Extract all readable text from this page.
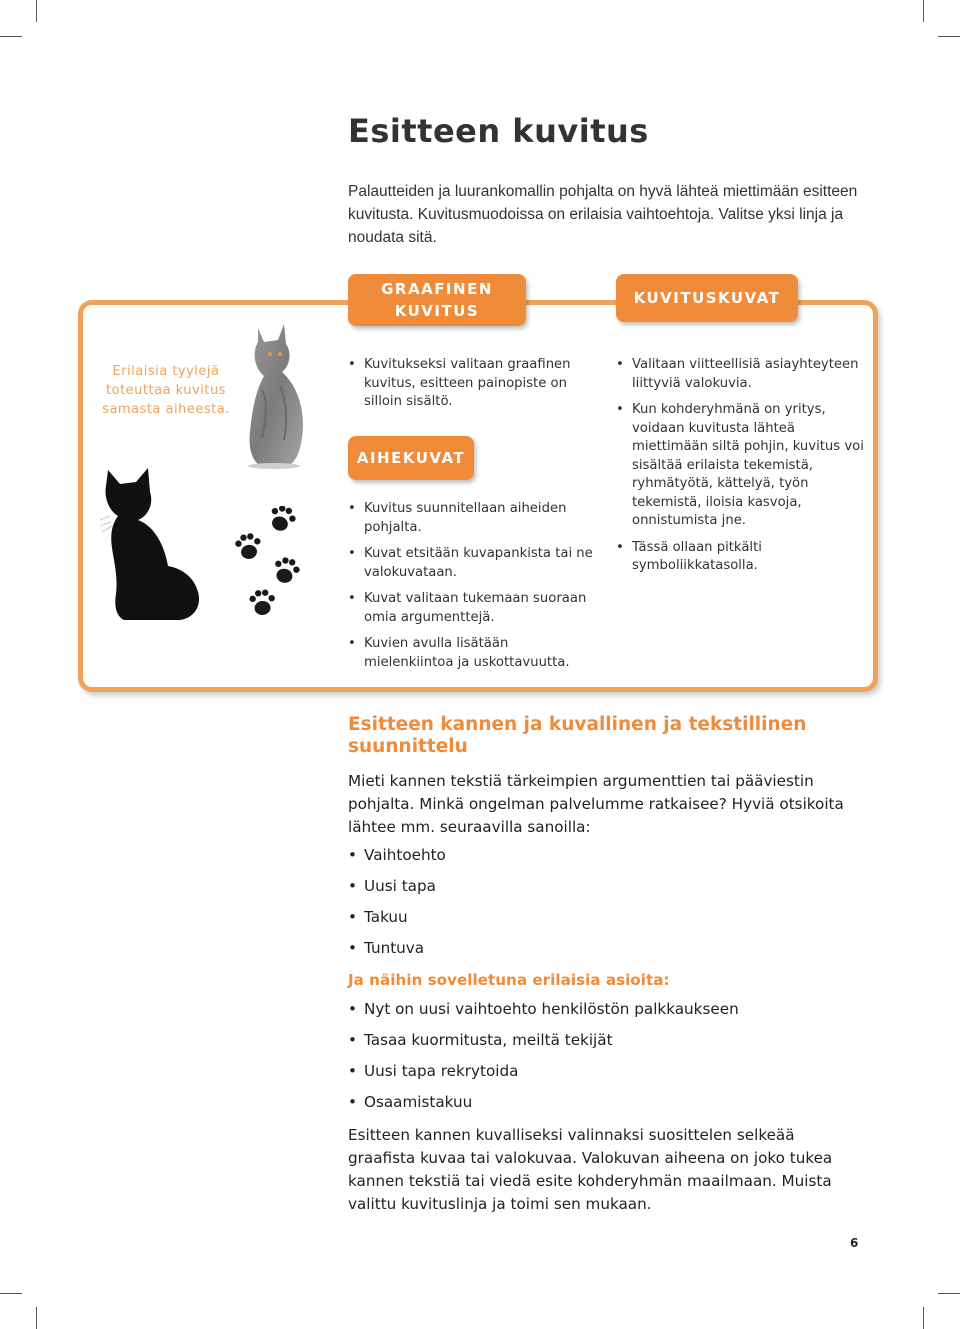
Esitteen kuvitus

Palautteiden ja luurankomallin pohjalta on hyvä lähteä miettimään esitteen kuvitusta. Kuvitusmuodoissa on erilaisia vaihtoehtoja. Valitse yksi linja ja noudata sitä.

GRAAFINEN
KUVITUS
KUVITUSKUVAT
AIHEKUVAT

Erilaisia tyylejä toteuttaa kuvitus samasta aiheesta.

• Kuvitukseksi valitaan graafinen kuvitus, esitteen painopiste on silloin sisältö.
• Kuvitus suunnitellaan aiheiden pohjalta.
• Kuvat etsitään kuvapankista tai ne valokuvataan.
• Kuvat valitaan tukemaan suoraan omia argumenttejä.
• Kuvien avulla lisätään mielenkiintoa ja uskottavuutta.
• Valitaan viitteellisiä asiayhteyteen liittyviä valokuvia.
• Kun kohderyhmänä on yritys, voidaan kuvitusta lähteä miettimään siltä pohjin, kuvitus voi sisältää erilaista tekemistä, ryhmätyötä, kättelyä, työn tekemistä, iloisia kasvoja, onnistumista jne.
• Tässä ollaan pitkälti symboliikkatasolla.
Esitteen kannen ja kuvallinen ja tekstillinen suunnittelu

Mieti kannen tekstiä tärkeimpien argumenttien tai pääviestin pohjalta. Minkä ongelman palvelumme ratkaisee? Hyviä otsikoita lähtee mm. seuraavilla sanoilla:

• Vaihtoehto
• Uusi tapa
• Takuu
• Tuntuva
Ja näihin sovelletuna erilaisia asioita:
• Nyt on uusi vaihtoehto henkilöstön palkkaukseen
• Tasaa kuormitusta, meiltä tekijät
• Uusi tapa rekrytoida
• Osaamistakuu

Esitteen kannen kuvalliseksi valinnaksi suosittelen selkeää graafista kuvaa tai valokuvaa. Valokuvan aiheena on joko tukea kannen tekstiä tai viedä esite kohderyhmän maailmaan. Muista valittu kuvituslinja ja toimi sen mukaan.

6
